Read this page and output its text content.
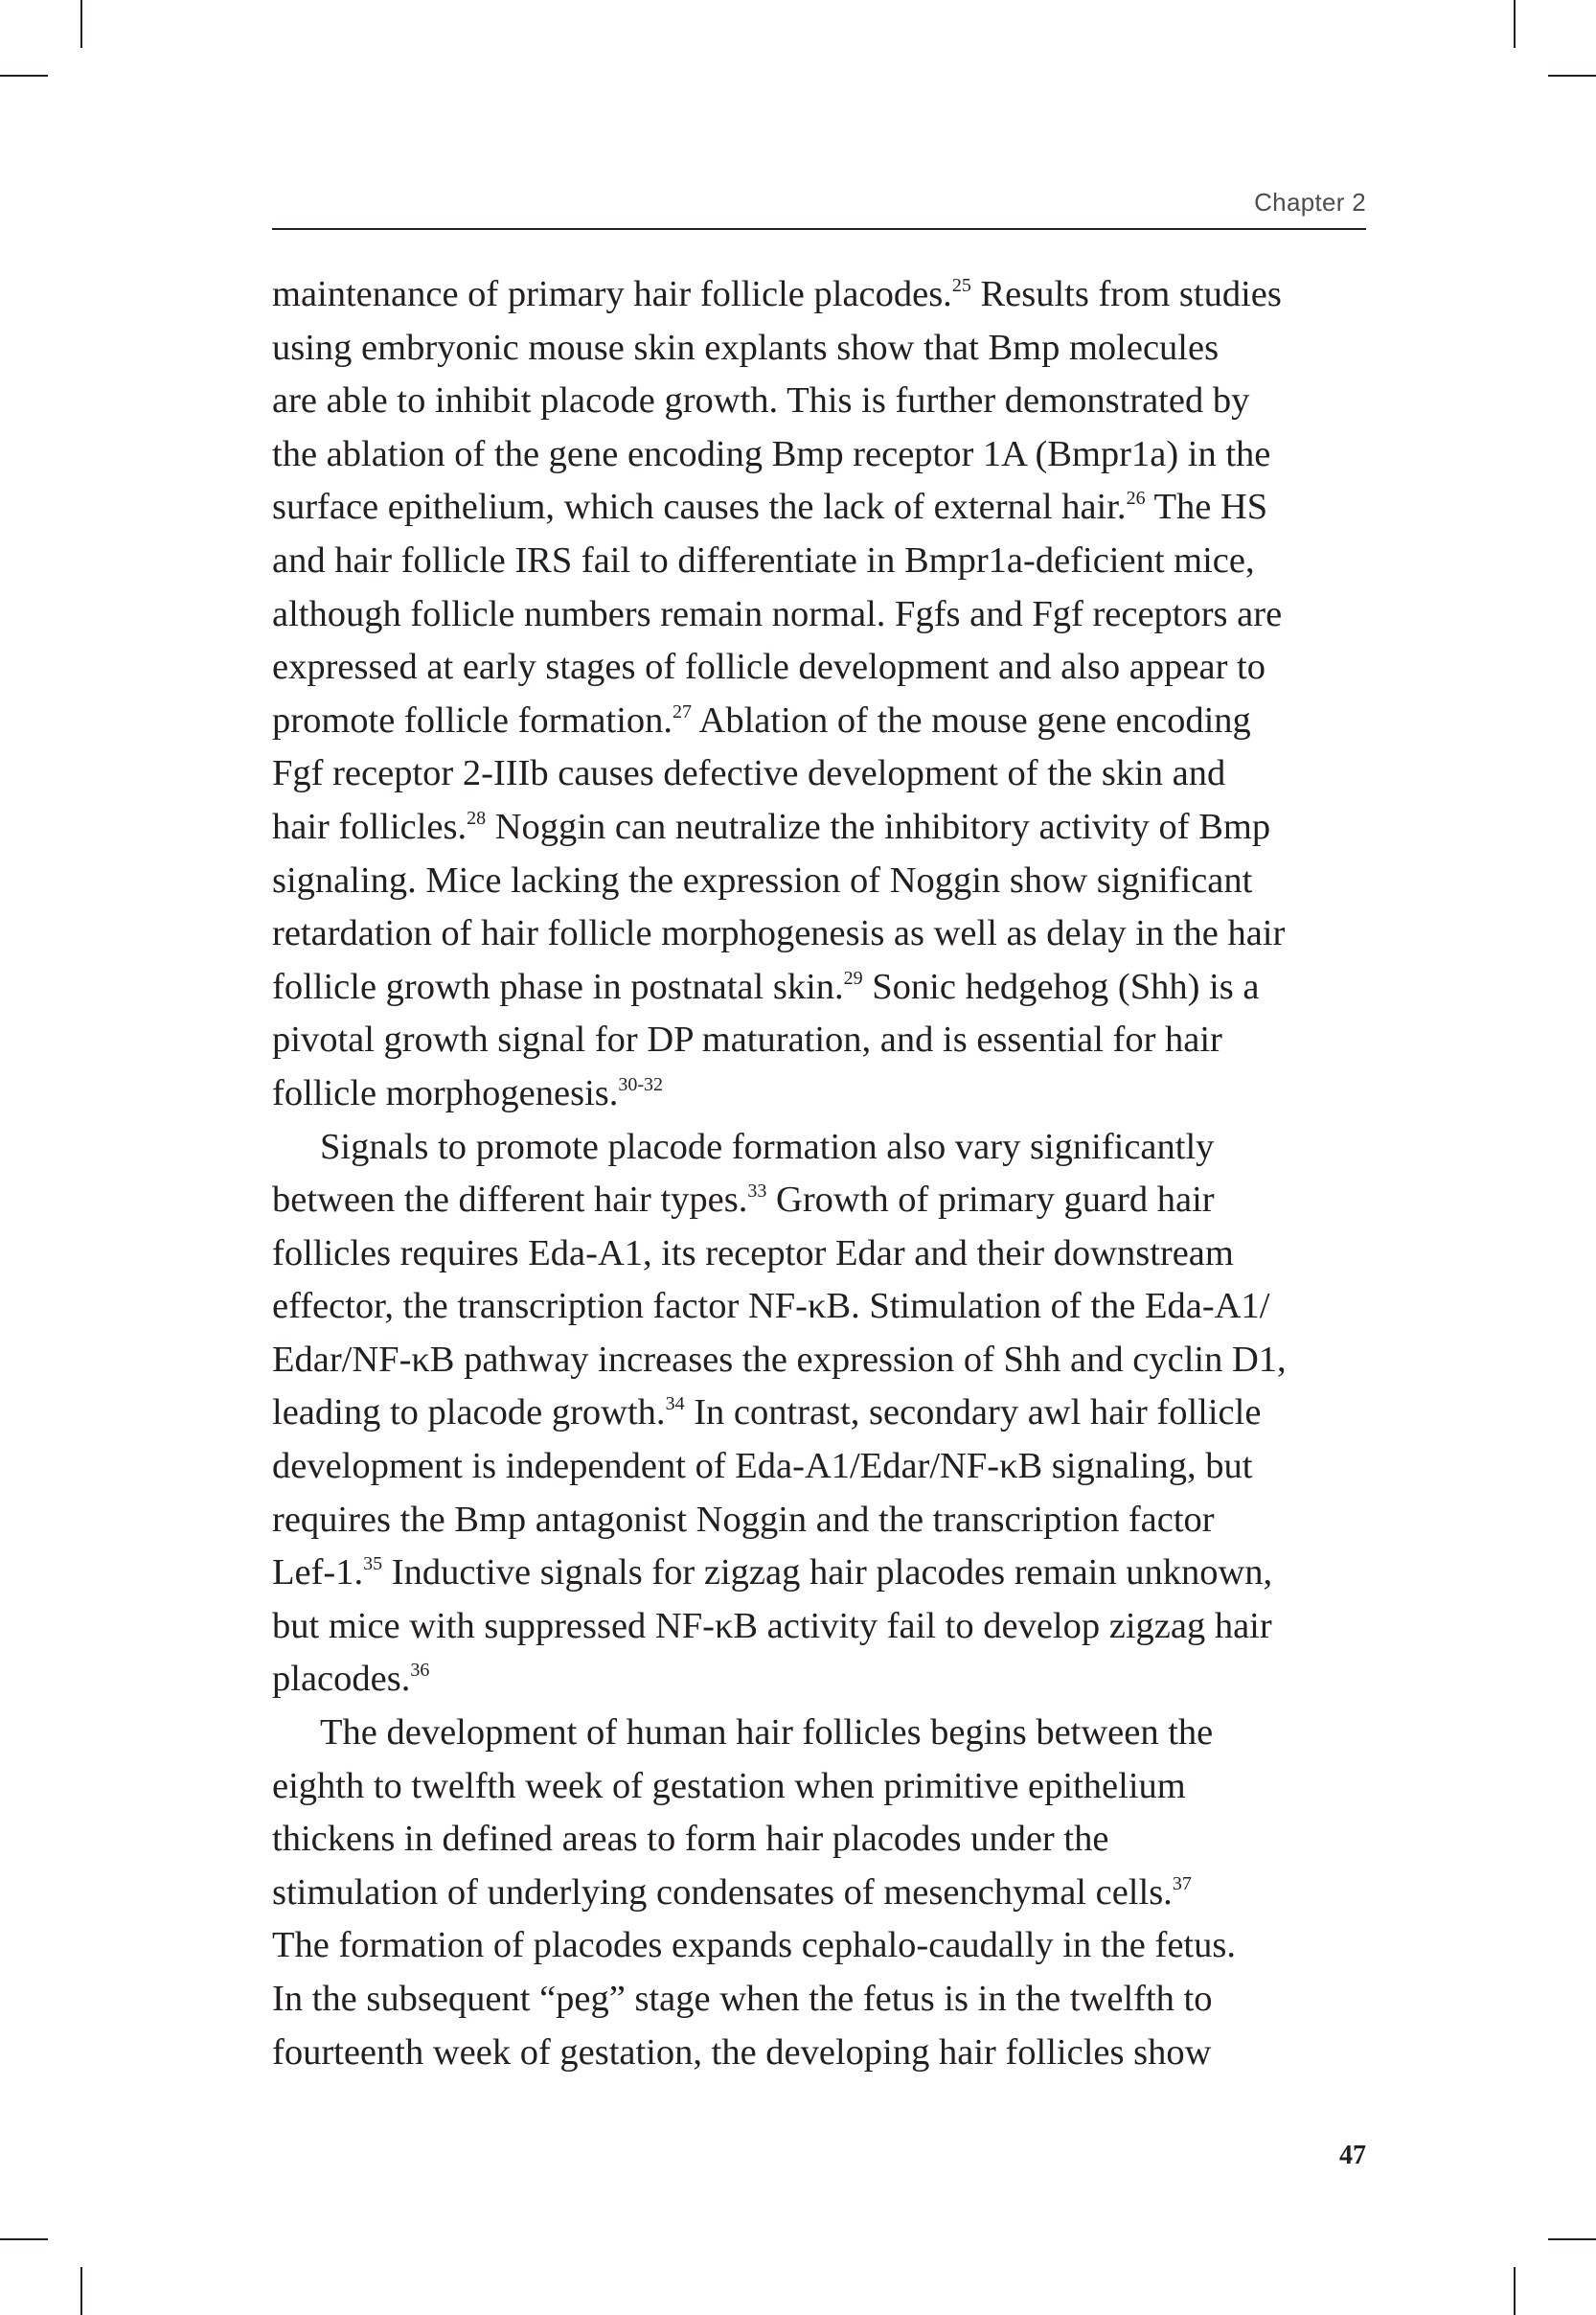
Chapter 2
maintenance of primary hair follicle placodes.$^{25}$ Results from studies
using embryonic mouse skin explants show that Bmp molecules
are able to inhibit placode growth. This is further demonstrated by
the ablation of the gene encoding Bmp receptor 1A (Bmpr1a) in the
surface epithelium, which causes the lack of external hair.$^{26}$ The HS
and hair follicle IRS fail to differentiate in Bmpr1a-deficient mice,
although follicle numbers remain normal. Fgfs and Fgf receptors are
expressed at early stages of follicle development and also appear to
promote follicle formation.$^{27}$ Ablation of the mouse gene encoding
Fgf receptor 2-IIIb causes defective development of the skin and
hair follicles.$^{28}$ Noggin can neutralize the inhibitory activity of Bmp
signaling. Mice lacking the expression of Noggin show significant
retardation of hair follicle morphogenesis as well as delay in the hair
follicle growth phase in postnatal skin.$^{29}$ Sonic hedgehog (Shh) is a
pivotal growth signal for DP maturation, and is essential for hair
follicle morphogenesis.$^{30-32}$
Signals to promote placode formation also vary significantly
between the different hair types.$^{33}$ Growth of primary guard hair
follicles requires Eda-A1, its receptor Edar and their downstream
effector, the transcription factor NF-κB. Stimulation of the Eda-A1/
Edar/NF-κB pathway increases the expression of Shh and cyclin D1,
leading to placode growth.$^{34}$ In contrast, secondary awl hair follicle
development is independent of Eda-A1/Edar/NF-κB signaling, but
requires the Bmp antagonist Noggin and the transcription factor
Lef-1.35 Inductive signals for zigzag hair placodes remain unknown,
but mice with suppressed NF-κB activity fail to develop zigzag hair
placodes.$^{36}$
The development of human hair follicles begins between the
eighth to twelfth week of gestation when primitive epithelium
thickens in defined areas to form hair placodes under the
stimulation of underlying condensates of mesenchymal cells.$^{37}$
The formation of placodes expands cephalo-caudally in the fetus.
In the subsequent “peg” stage when the fetus is in the twelfth to
fourteenth week of gestation, the developing hair follicles show
47
